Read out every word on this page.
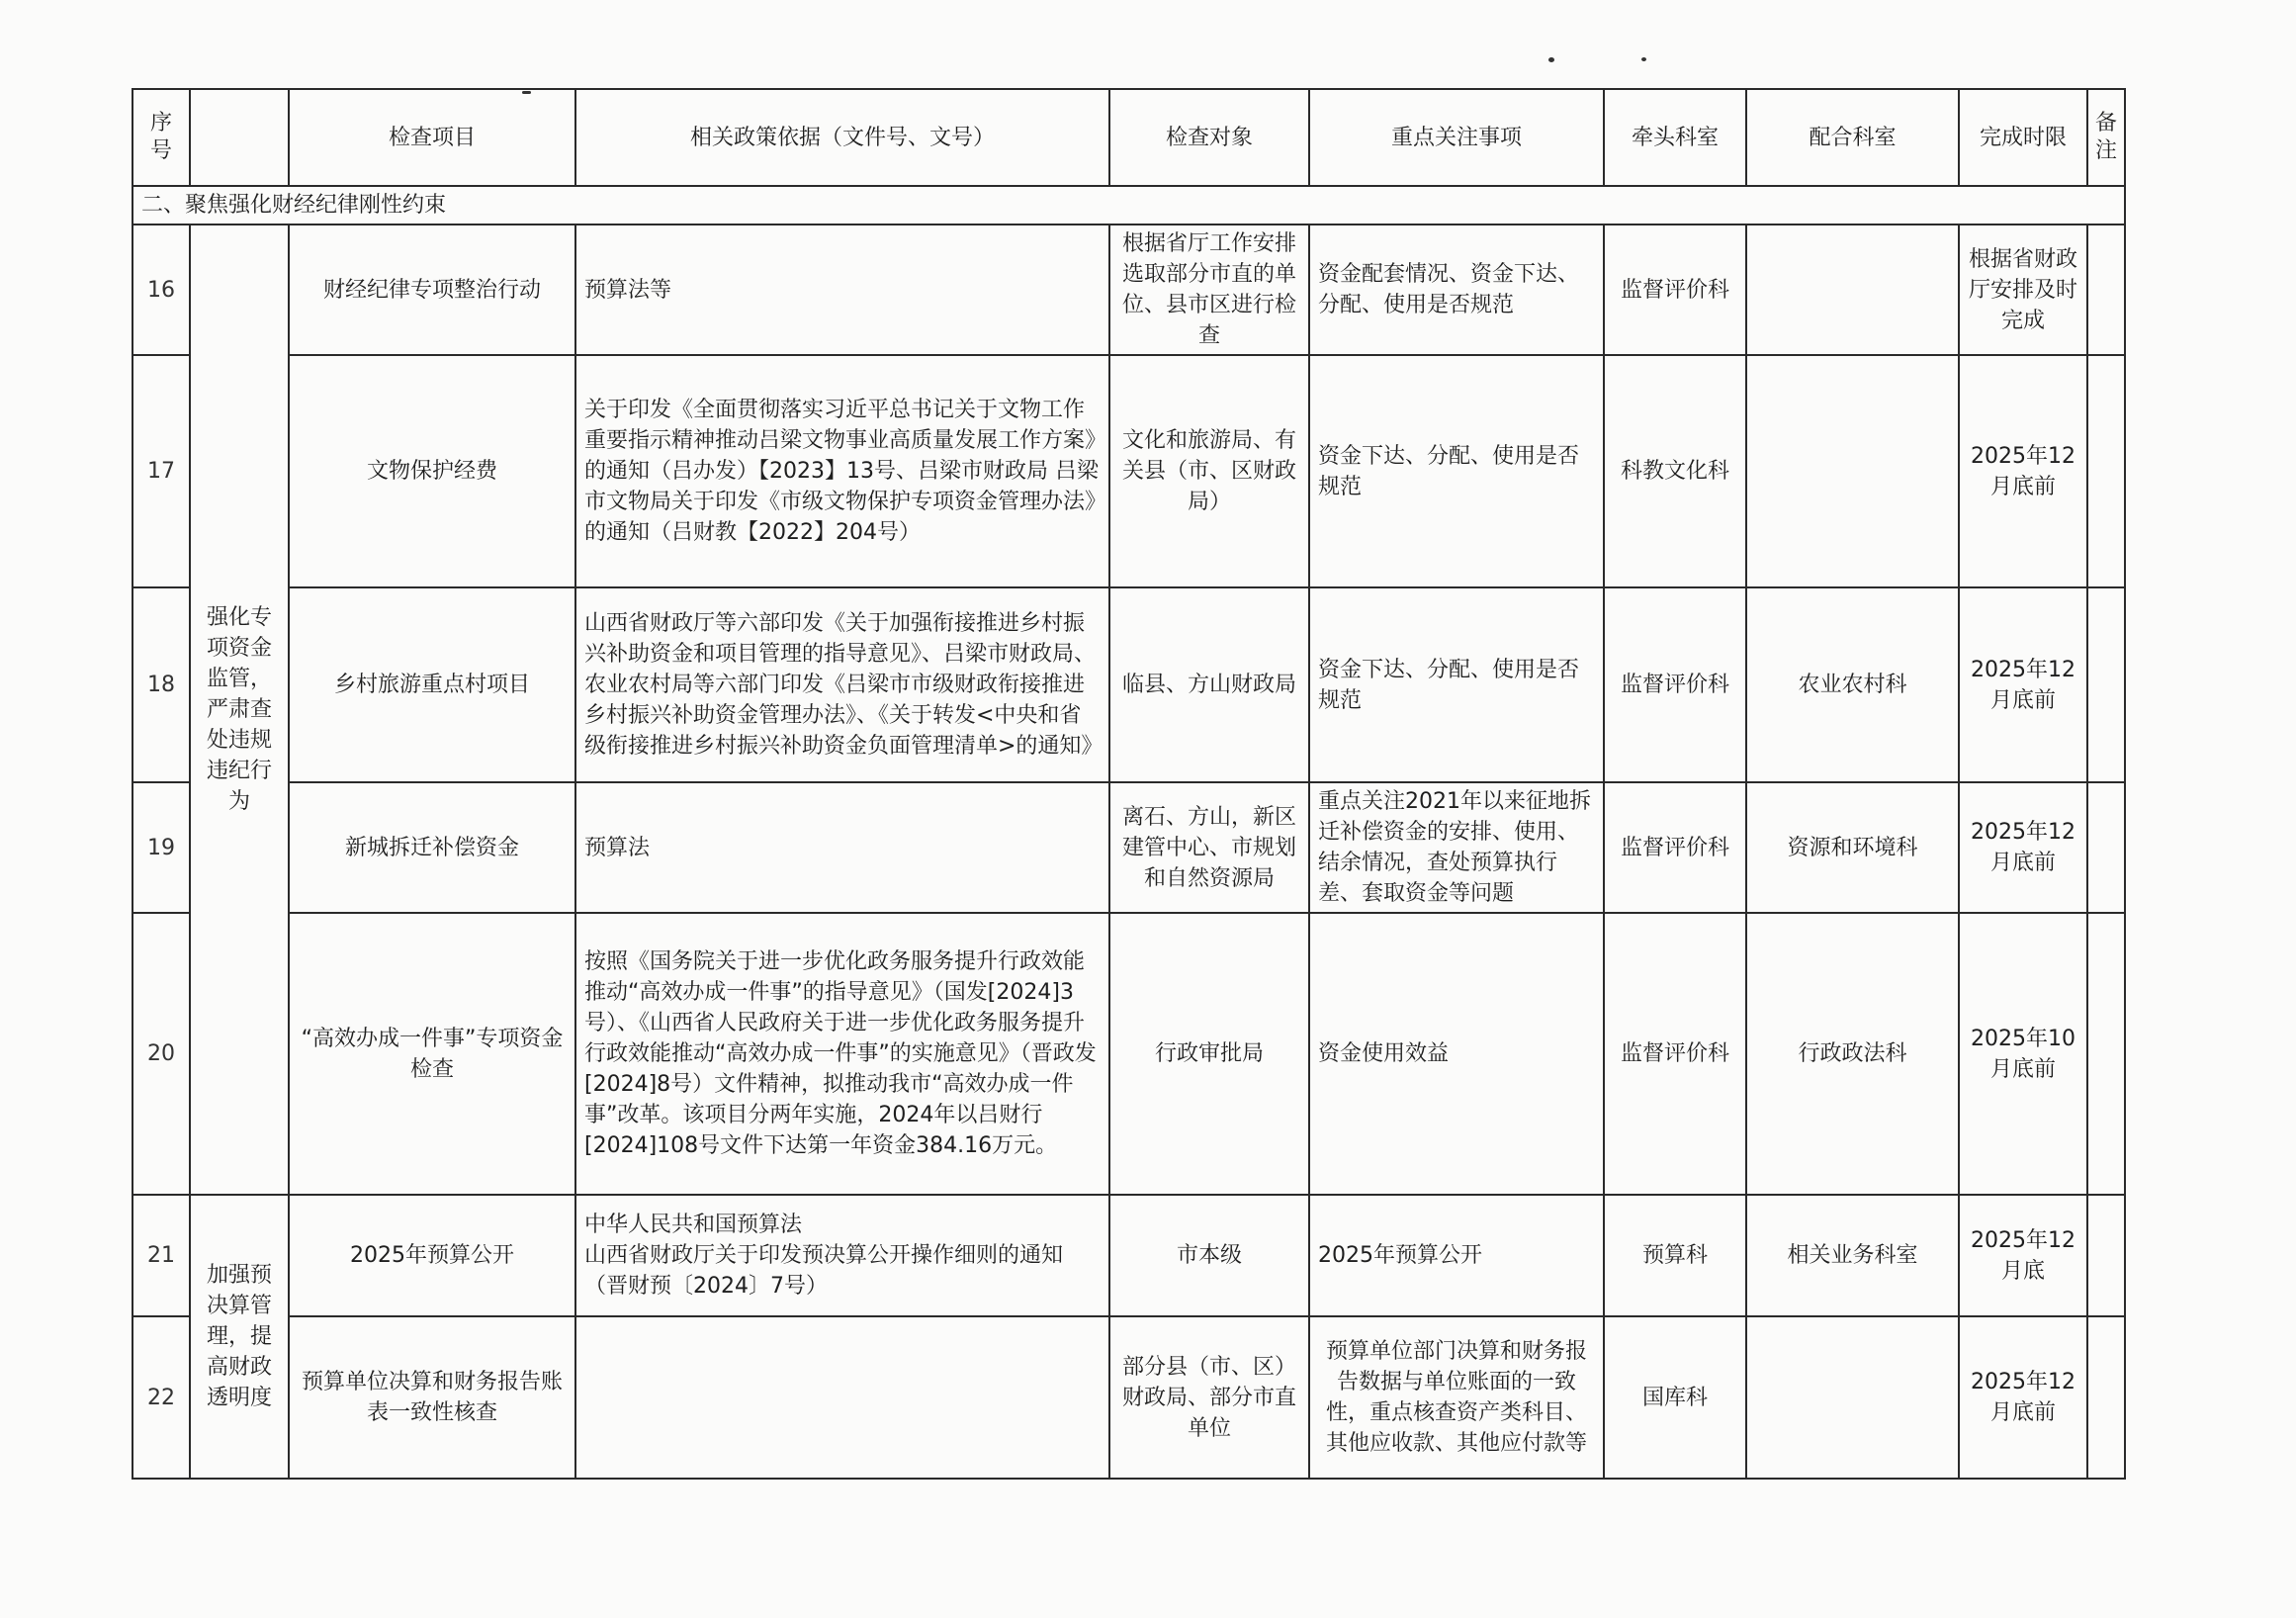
序号		检查项目	相关政策依据（文件号、文号）	检查对象	重点关注事项	牵头科室	配合科室	完成时限	备注
二、聚焦强化财经纪律刚性约束									
16	强化专项资金监管，严肃查处违规违纪行为	财经纪律专项整治行动	预算法等	根据省厅工作安排选取部分市直的单位、县市区进行检查	资金配套情况、资金下达、分配、使用是否规范	监督评价科		根据省财政厅安排及时完成	
17		文物保护经费	关于印发《全面贯彻落实习近平总书记关于文物工作重要指示精神推动吕梁文物事业高质量发展工作方案》的通知（吕办发）【2023】13号、吕梁市财政局 吕梁市文物局关于印发《市级文物保护专项资金管理办法》的通知（吕财教【2022】204号）	文化和旅游局、有关县（市、区财政局）	资金下达、分配、使用是否规范	科教文化科		2025年12月底前	
18		乡村旅游重点村项目	山西省财政厅等六部印发《关于加强衔接推进乡村振兴补助资金和项目管理的指导意见》、吕梁市财政局、农业农村局等六部门印发《吕梁市市级财政衔接推进乡村振兴补助资金管理办法》、《关于转发<中央和省级衔接推进乡村振兴补助资金负面管理清单>的通知》	临县、方山财政局	资金下达、分配、使用是否规范	监督评价科	农业农村科	2025年12月底前	
19		新城拆迁补偿资金	预算法	离石、方山，新区建管中心、市规划和自然资源局	重点关注2021年以来征地拆迁补偿资金的安排、使用、结余情况，查处预算执行差、套取资金等问题	监督评价科	资源和环境科	2025年12月底前	
20		“高效办成一件事”专项资金检查	按照《国务院关于进一步优化政务服务提升行政效能推动“高效办成一件事”的指导意见》（国发[2024]3号）、《山西省人民政府关于进一步优化政务服务提升行政效能推动“高效办成一件事”的实施意见》（晋政发[2024]8号）文件精神，拟推动我市“高效办成一件事”改革。该项目分两年实施，2024年以吕财行[2024]108号文件下达第一年资金384.16万元。	行政审批局	资金使用效益	监督评价科	行政政法科	2025年10月底前	
21	加强预决算管理，提高财政透明度	2025年预算公开	中华人民共和国预算法
山西省财政厅关于印发预决算公开操作细则的通知（晋财预〔2024〕7号）	市本级	2025年预算公开	预算科	相关业务科室	2025年12月底	
22		预算单位决算和财务报告账表一致性核查		部分县（市、区）财政局、部分市直单位	预算单位部门决算和财务报告数据与单位账面的一致性，重点核查资产类科目、其他应收款、其他应付款等	国库科		2025年12月底前	
